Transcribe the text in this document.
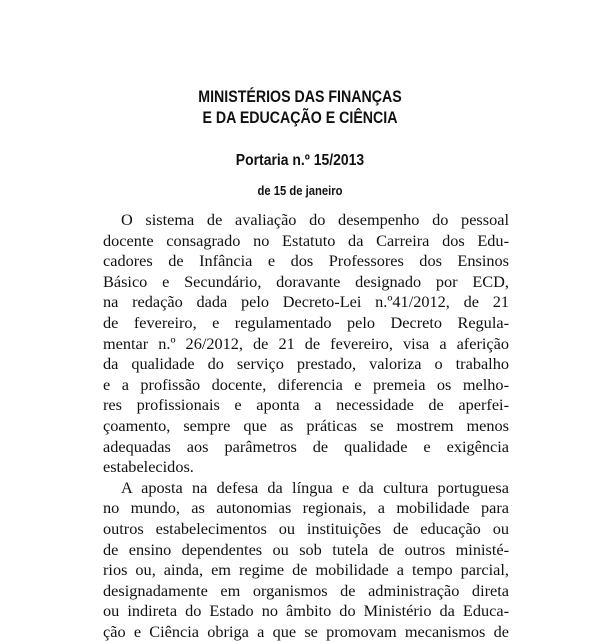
MINISTÉRIOS DAS FINANÇAS
E DA EDUCAÇÃO E CIÊNCIA
Portaria n.º 15/2013
de 15 de janeiro
O sistema de avaliação do desempenho do pessoal
docente consagrado no Estatuto da Carreira dos Edu-
cadores de Infância e dos Professores dos Ensinos
Básico e Secundário, doravante designado por ECD,
na redação dada pelo Decreto-Lei n.º41/2012, de 21
de fevereiro, e regulamentado pelo Decreto Regula-
mentar n.º 26/2012, de 21 de fevereiro, visa a aferição
da qualidade do serviço prestado, valoriza o trabalho
e a profissão docente, diferencia e premeia os melho-
res profissionais e aponta a necessidade de aperfei-
çoamento, sempre que as práticas se mostrem menos
adequadas aos parâmetros de qualidade e exigência
estabelecidos.
A aposta na defesa da língua e da cultura portuguesa
no mundo, as autonomias regionais, a mobilidade para
outros estabelecimentos ou instituições de educação ou
de ensino dependentes ou sob tutela de outros ministé-
rios ou, ainda, em regime de mobilidade a tempo parcial,
designadamente em organismos de administração direta
ou indireta do Estado no âmbito do Ministério da Educa-
ção e Ciência obriga a que se promovam mecanismos de
